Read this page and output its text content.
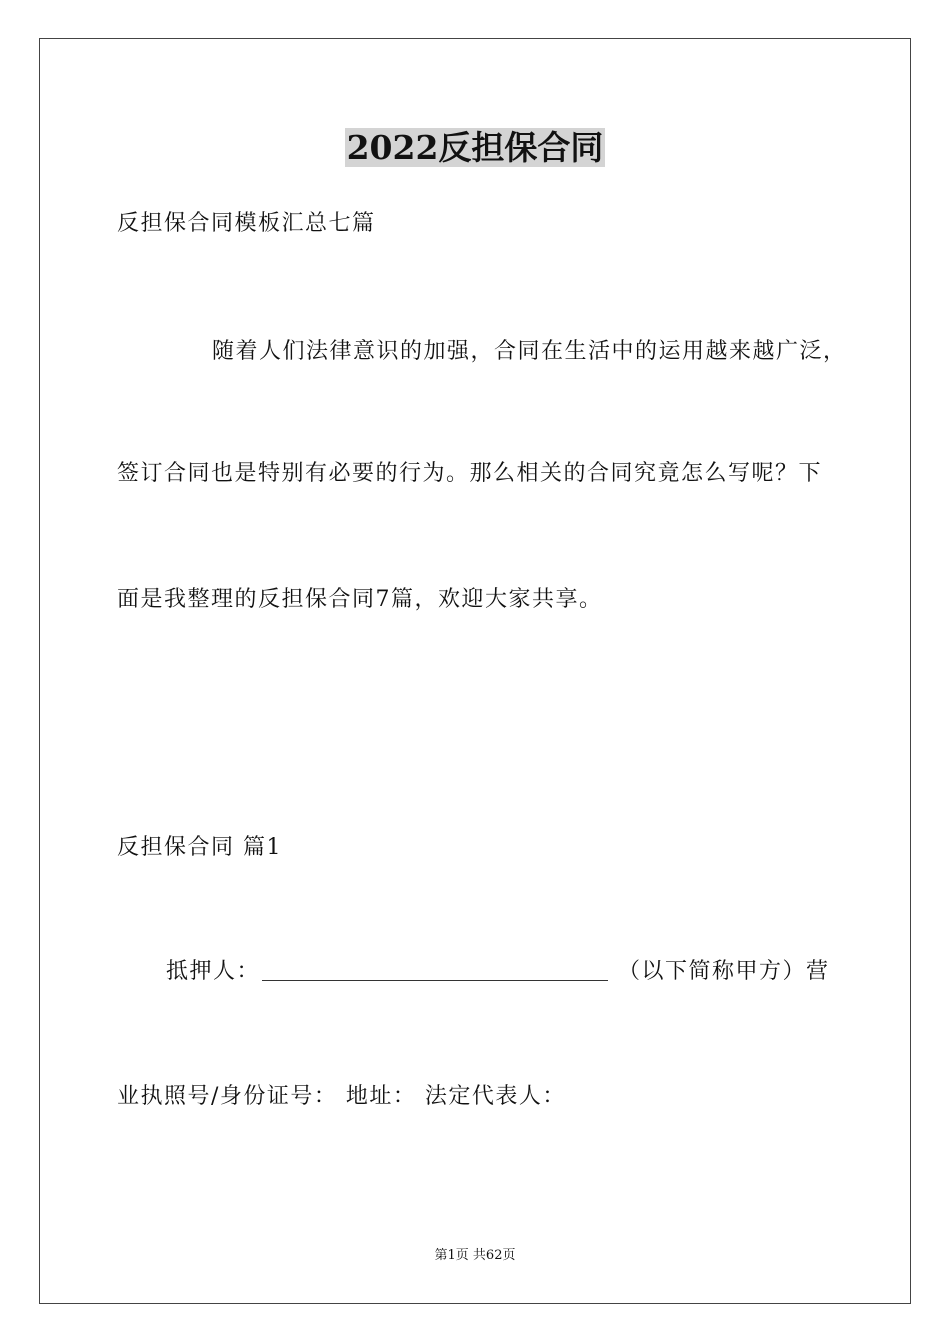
2022反担保合同
反担保合同模板汇总七篇
随着人们法律意识的加强，合同在生活中的运用越来越广泛，
签订合同也是特别有必要的行为。那么相关的合同究竟怎么写呢？下
面是我整理的反担保合同7篇，欢迎大家共享。
反担保合同 篇1
抵押人：	（以下简称甲方）营
业执照号/身份证号： 地址： 法定代表人：
第1页 共62页
